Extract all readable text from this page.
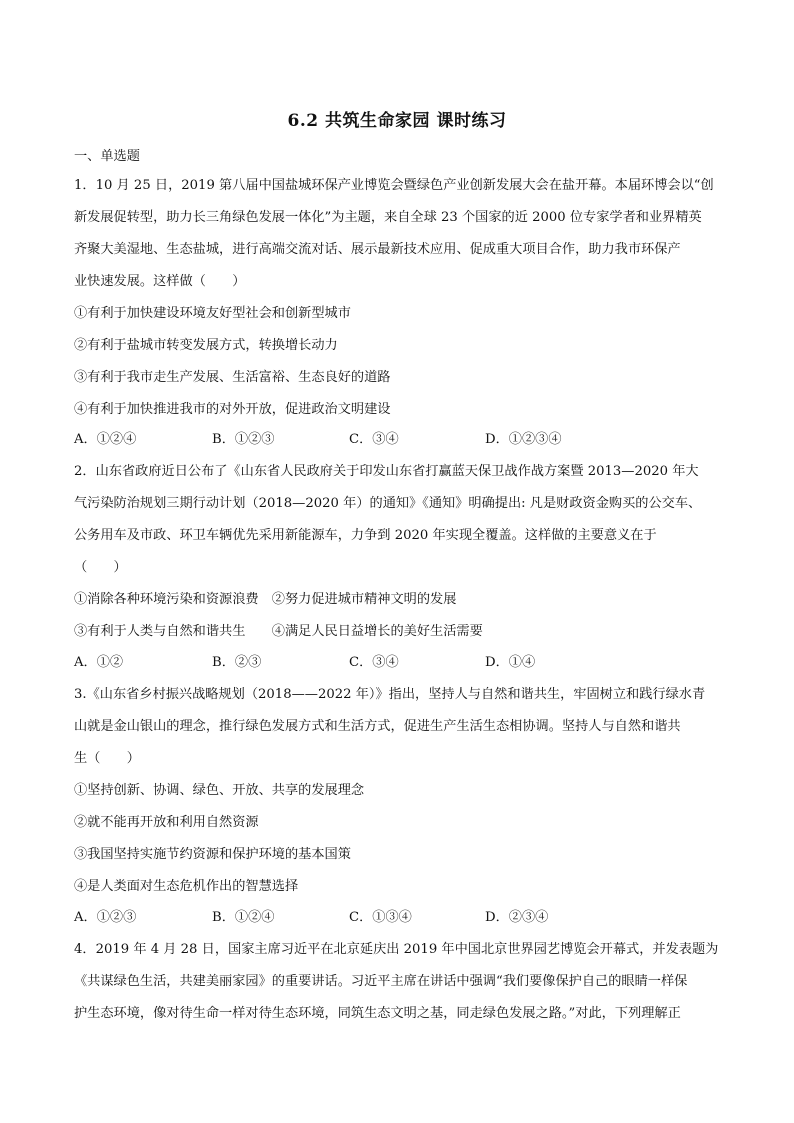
6.2 共筑生命家园 课时练习
一、单选题
1．10 月 25 日，2019 第八届中国盐城环保产业博览会暨绿色产业创新发展大会在盐开幕。本届环博会以“创
新发展促转型，助力长三角绿色发展一体化”为主题，来自全球 23 个国家的近 2000 位专家学者和业界精英
齐聚大美湿地、生态盐城，进行高端交流对话、展示最新技术应用、促成重大项目合作，助力我市环保产
业快速发展。这样做（　　）
①有利于加快建设环境友好型社会和创新型城市
②有利于盐城市转变发展方式，转换增长动力
③有利于我市走生产发展、生活富裕、生态良好的道路
④有利于加快推进我市的对外开放，促进政治文明建设
A．①②④	B．①②③	C．③④	D．①②③④
2．山东省政府近日公布了《山东省人民政府关于印发山东省打赢蓝天保卫战作战方案暨 2013—2020 年大
气污染防治规划三期行动计划（2018—2020 年）的通知》《通知》明确提出: 凡是财政资金购买的公交车、
公务用车及市政、环卫车辆优先采用新能源车，力争到 2020 年实现全覆盖。这样做的主要意义在于
（　　）
①消除各种环境污染和资源浪费　②努力促进城市精神文明的发展
③有利于人类与自然和谐共生　　④满足人民日益增长的美好生活需要
A．①②	B．②③	C．③④	D．①④
3.《山东省乡村振兴战略规划（2018——2022 年）》指出，坚持人与自然和谐共生，牢固树立和践行绿水青
山就是金山银山的理念，推行绿色发展方式和生活方式，促进生产生活生态相协调。坚持人与自然和谐共
生（　　）
①坚持创新、协调、绿色、开放、共享的发展理念
②就不能再开放和利用自然资源
③我国坚持实施节约资源和保护环境的基本国策
④是人类面对生态危机作出的智慧选择
A．①②③	B．①②④	C．①③④	D．②③④
4．2019 年 4 月 28 日，国家主席习近平在北京延庆出 2019 年中国北京世界园艺博览会开幕式，并发表题为
《共谋绿色生活，共建美丽家园》的重要讲话。习近平主席在讲话中强调“我们要像保护自己的眼睛一样保
护生态环境，像对待生命一样对待生态环境，同筑生态文明之基，同走绿色发展之路。”对此，下列理解正
